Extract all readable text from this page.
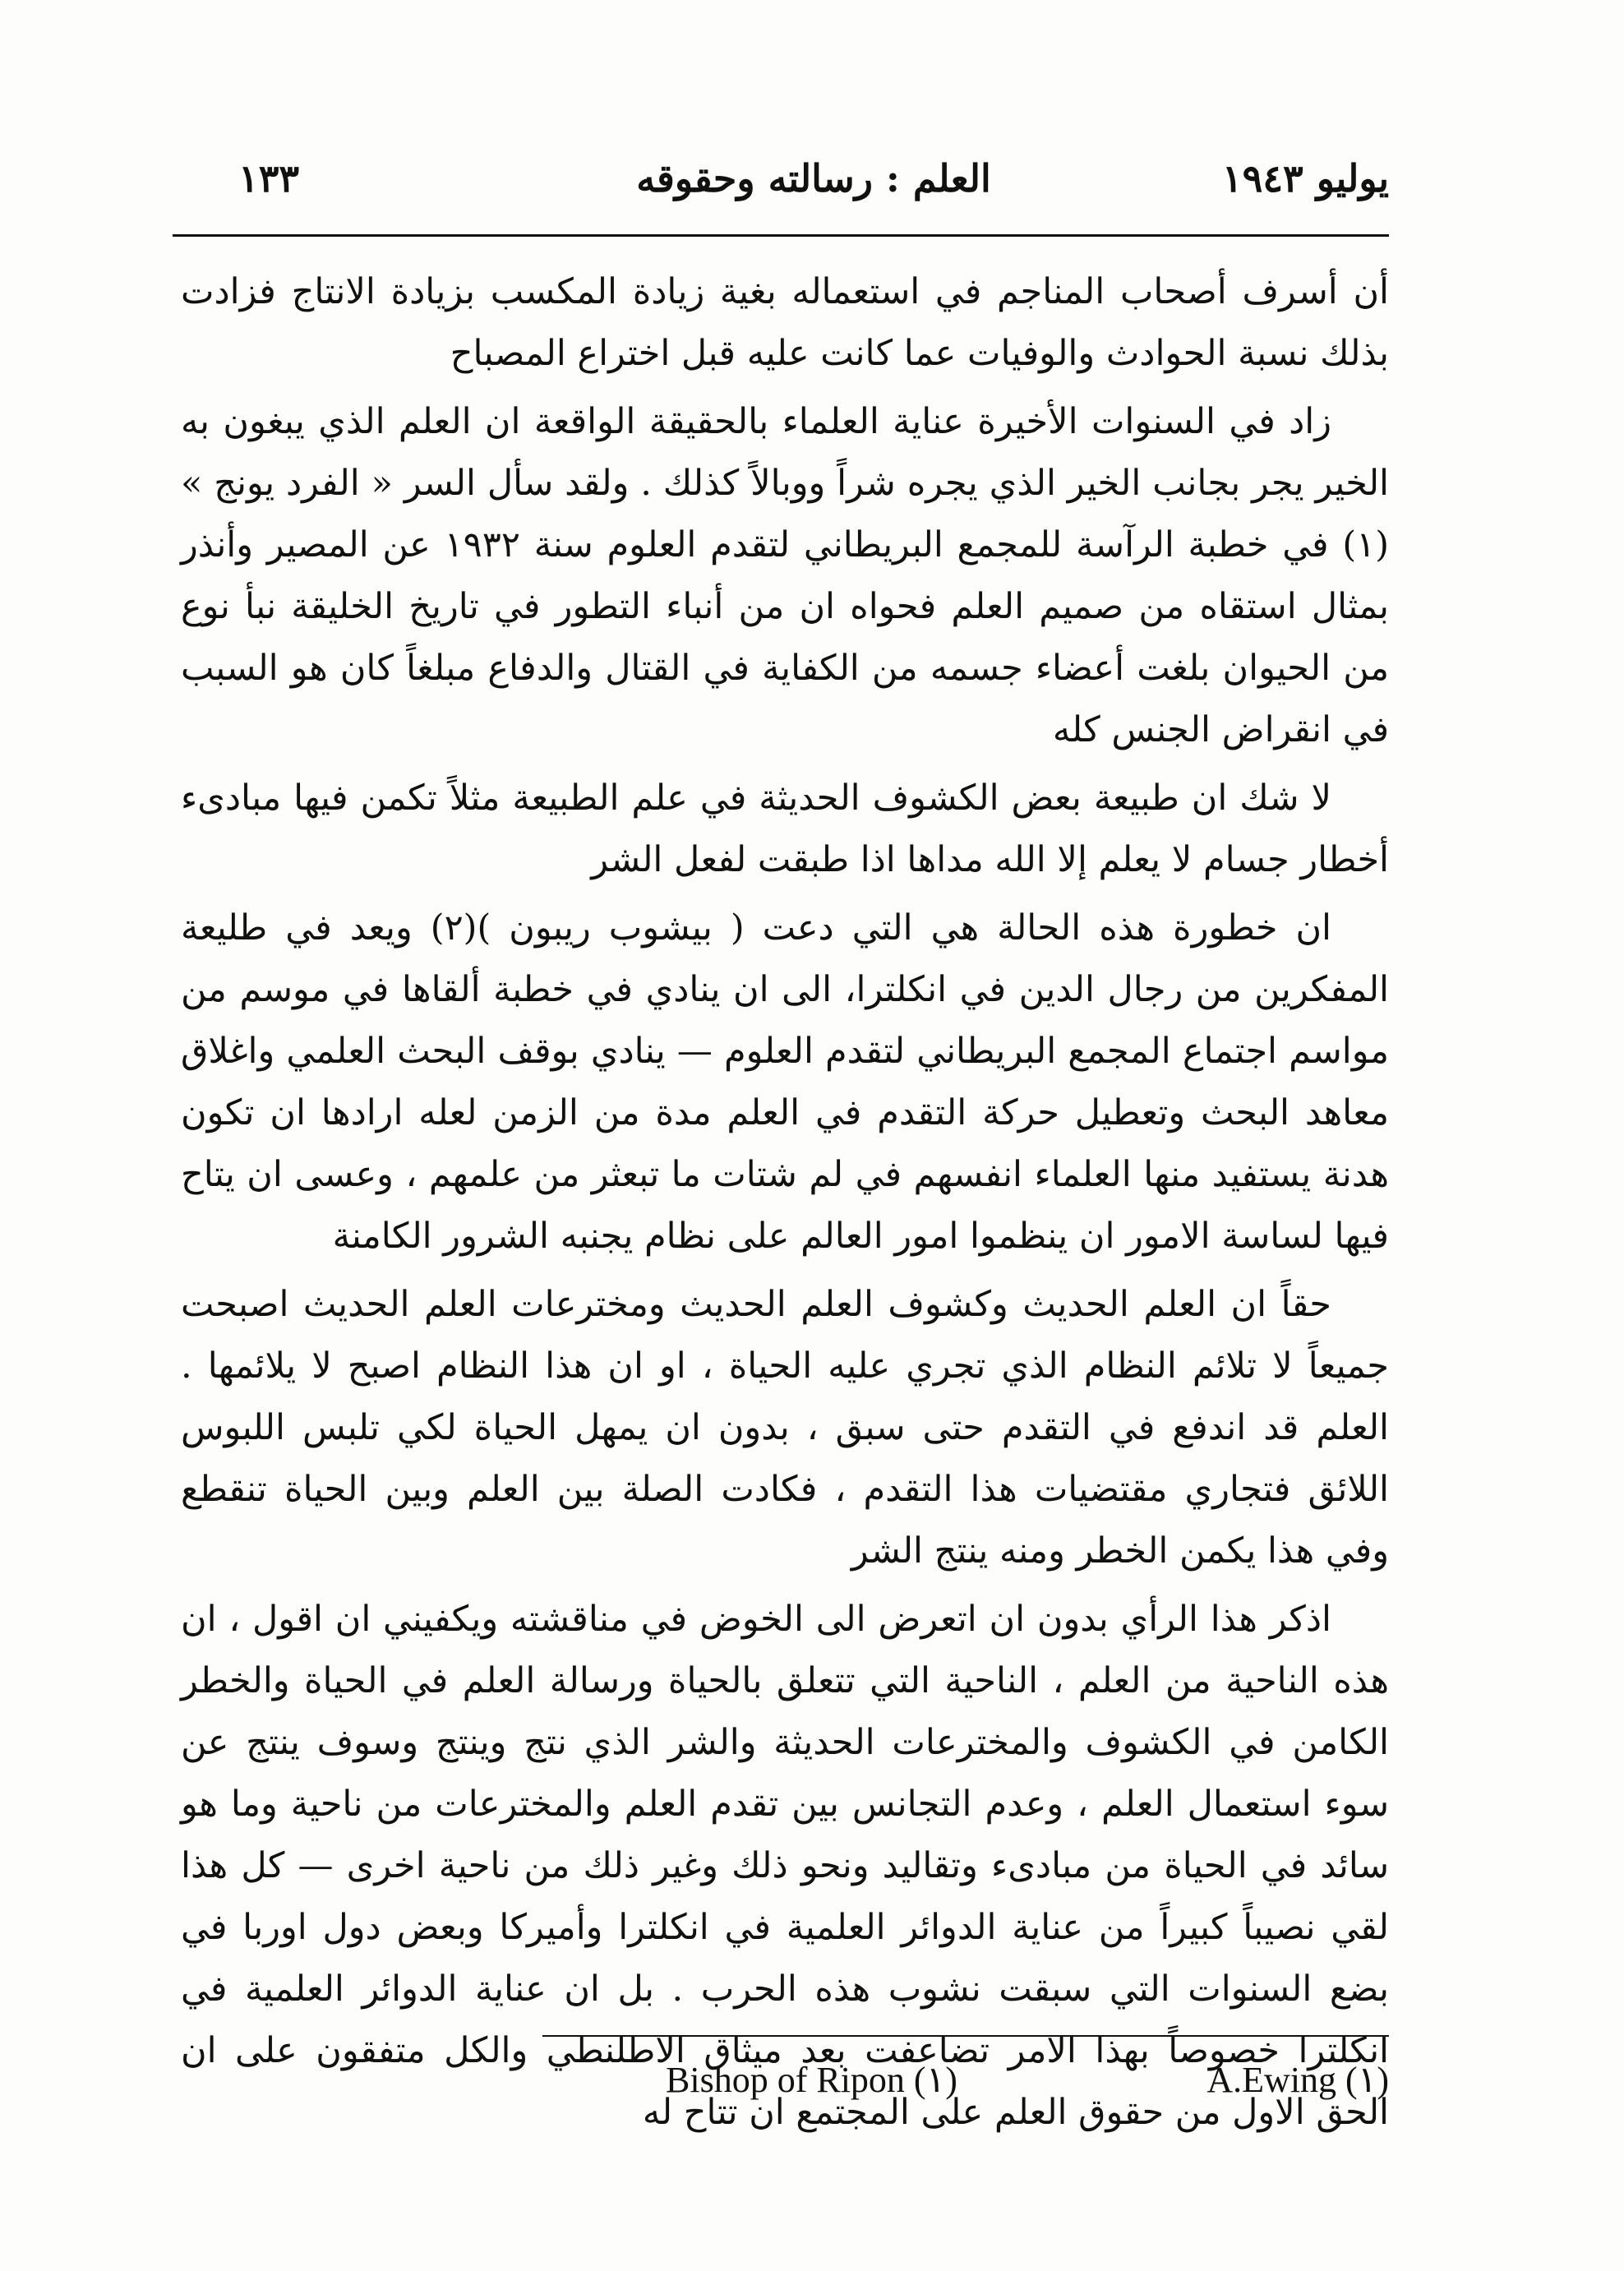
١٣٣	العلم : رسالته وحقوقه	يوليو ١٩٤٣

أن أسرف أصحاب المناجم في استعماله بغية زيادة المكسب بزيادة الانتاج فزادت بذلك نسبة الحوادث والوفيات عما كانت عليه قبل اختراع المصباح

زاد في السنوات الأخيرة عناية العلماء بالحقيقة الواقعة ان العلم الذي يبغون به الخير يجر بجانب الخير الذي يجره شراً ووبالاً كذلك . ولقد سأل السر « الفرد يونج » (١) في خطبة الرآسة للمجمع البريطاني لتقدم العلوم سنة ١٩٣٢ عن المصير وأنذر بمثال استقاه من صميم العلم فحواه ان من أنباء التطور في تاريخ الخليقة نبأ نوع من الحيوان بلغت أعضاء جسمه من الكفاية في القتال والدفاع مبلغاً كان هو السبب في انقراض الجنس كله

لا شك ان طبيعة بعض الكشوف الحديثة في علم الطبيعة مثلاً تكمن فيها مبادىء أخطار جسام لا يعلم إلا الله مداها اذا طبقت لفعل الشر

ان خطورة هذه الحالة هي التي دعت ( بيشوب ريبون )(٢) ويعد في طليعة المفكرين من رجال الدين في انكلترا، الى ان ينادي في خطبة ألقاها في موسم من مواسم اجتماع المجمع البريطاني لتقدم العلوم — ينادي بوقف البحث العلمي واغلاق معاهد البحث وتعطيل حركة التقدم في العلم مدة من الزمن لعله ارادها ان تكون هدنة يستفيد منها العلماء انفسهم في لم شتات ما تبعثر من علمهم ، وعسى ان يتاح فيها لساسة الامور ان ينظموا امور العالم على نظام يجنبه الشرور الكامنة

حقاً ان العلم الحديث وكشوف العلم الحديث ومخترعات العلم الحديث اصبحت جميعاً لا تلائم النظام الذي تجري عليه الحياة ، او ان هذا النظام اصبح لا يلائمها . العلم قد اندفع في التقدم حتى سبق ، بدون ان يمهل الحياة لكي تلبس اللبوس اللائق فتجاري مقتضيات هذا التقدم ، فكادت الصلة بين العلم وبين الحياة تنقطع وفي هذا يكمن الخطر ومنه ينتج الشر

اذكر هذا الرأي بدون ان اتعرض الى الخوض في مناقشته ويكفيني ان اقول ، ان هذه الناحية من العلم ، الناحية التي تتعلق بالحياة ورسالة العلم في الحياة والخطر الكامن في الكشوف والمخترعات الحديثة والشر الذي نتج وينتج وسوف ينتج عن سوء استعمال العلم ، وعدم التجانس بين تقدم العلم والمخترعات من ناحية وما هو سائد في الحياة من مبادىء وتقاليد ونحو ذلك وغير ذلك من ناحية اخرى — كل هذا لقي نصيباً كبيراً من عناية الدوائر العلمية في انكلترا وأميركا وبعض دول اوربا في بضع السنوات التي سبقت نشوب هذه الحرب . بل ان عناية الدوائر العلمية في انكلترا خصوصاً بهذا الامر تضاعفت بعد ميثاق الاطلنطي والكل متفقون على ان الحق الاول من حقوق العلم على المجتمع ان تتاح له

Bishop of Ripon (١)	A.Ewing (١)
